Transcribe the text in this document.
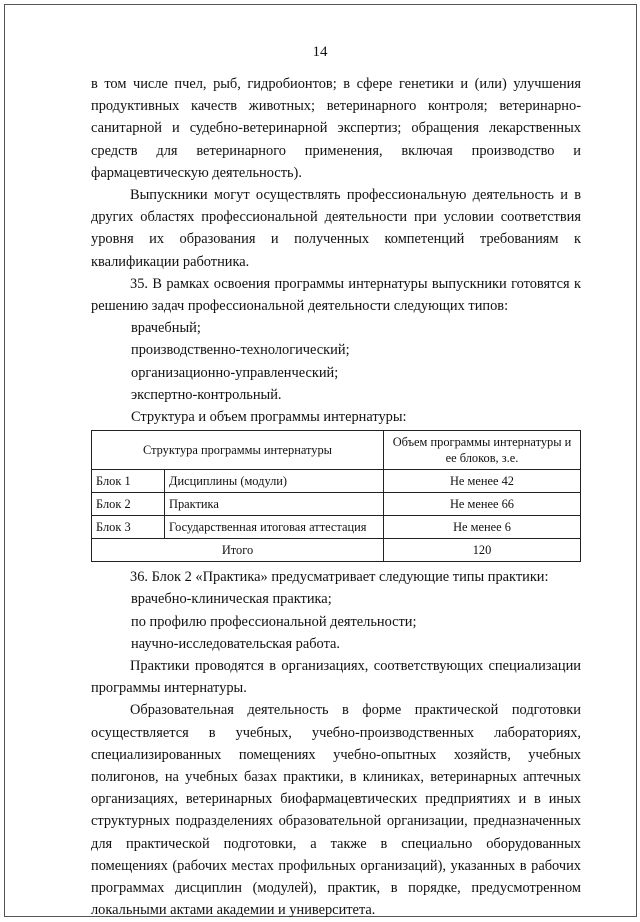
14

в том числе пчел, рыб, гидробионтов; в сфере генетики и (или) улучшения продуктивных качеств животных; ветеринарного контроля; ветеринарно-санитарной и судебно-ветеринарной экспертиз; обращения лекарственных средств для ветеринарного применения, включая производство и фармацевтическую деятельность).

Выпускники могут осуществлять профессиональную деятельность и в других областях профессиональной деятельности при условии соответствия уровня их образования и полученных компетенций требованиям к квалификации работника.

35. В рамках освоения программы интернатуры выпускники готовятся к решению задач профессиональной деятельности следующих типов:

врачебный;

производственно-технологический;

организационно-управленческий;

экспертно-контрольный.

Структура и объем программы интернатуры:

Структура программы интернатуры		Объем программы интернатуры и ее блоков, з.е.
Блок 1	Дисциплины (модули)	Не менее 42
Блок 2	Практика	Не менее 66
Блок 3	Государственная итоговая аттестация	Не менее 6
Итого		120

36. Блок 2 «Практика» предусматривает следующие типы практики:

врачебно-клиническая практика;

по профилю профессиональной деятельности;

научно-исследовательская работа.

Практики проводятся в организациях, соответствующих специализации программы интернатуры.

Образовательная деятельность в форме практической подготовки осуществляется в учебных, учебно-производственных лабораториях, специализированных помещениях учебно-опытных хозяйств, учебных полигонов, на учебных базах практики, в клиниках, ветеринарных аптечных организациях, ветеринарных биофармацевтических предприятиях и в иных структурных подразделениях образовательной организации, предназначенных для практической подготовки, а также в специально оборудованных помещениях (рабочих местах профильных организаций), указанных в рабочих программах дисциплин (модулей), практик, в порядке, предусмотренном локальными актами академии и университета.
